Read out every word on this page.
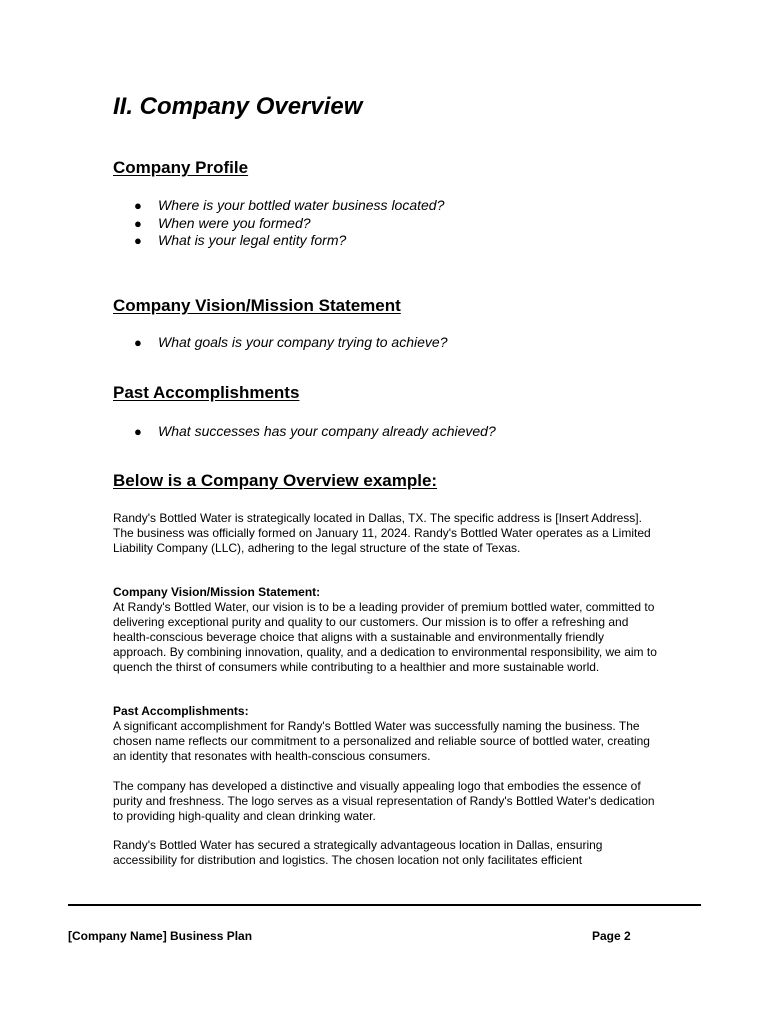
II. Company Overview
Company Profile
● Where is your bottled water business located?
● When were you formed?
● What is your legal entity form?
Company Vision/Mission Statement
● What goals is your company trying to achieve?
Past Accomplishments
● What successes has your company already achieved?
Below is a Company Overview example:

Randy's Bottled Water is strategically located in Dallas, TX. The specific address is [Insert Address]. The business was officially formed on January 11, 2024. Randy's Bottled Water operates as a Limited Liability Company (LLC), adhering to the legal structure of the state of Texas.

Company Vision/Mission Statement:
At Randy's Bottled Water, our vision is to be a leading provider of premium bottled water, committed to delivering exceptional purity and quality to our customers. Our mission is to offer a refreshing and health-conscious beverage choice that aligns with a sustainable and environmentally friendly approach. By combining innovation, quality, and a dedication to environmental responsibility, we aim to quench the thirst of consumers while contributing to a healthier and more sustainable world.
Past Accomplishments:
A significant accomplishment for Randy's Bottled Water was successfully naming the business. The chosen name reflects our commitment to a personalized and reliable source of bottled water, creating an identity that resonates with health-conscious consumers.

The company has developed a distinctive and visually appealing logo that embodies the essence of purity and freshness. The logo serves as a visual representation of Randy's Bottled Water's dedication to providing high-quality and clean drinking water.

Randy's Bottled Water has secured a strategically advantageous location in Dallas, ensuring accessibility for distribution and logistics. The chosen location not only facilitates efficient

[Company Name] Business Plan	Page 2
